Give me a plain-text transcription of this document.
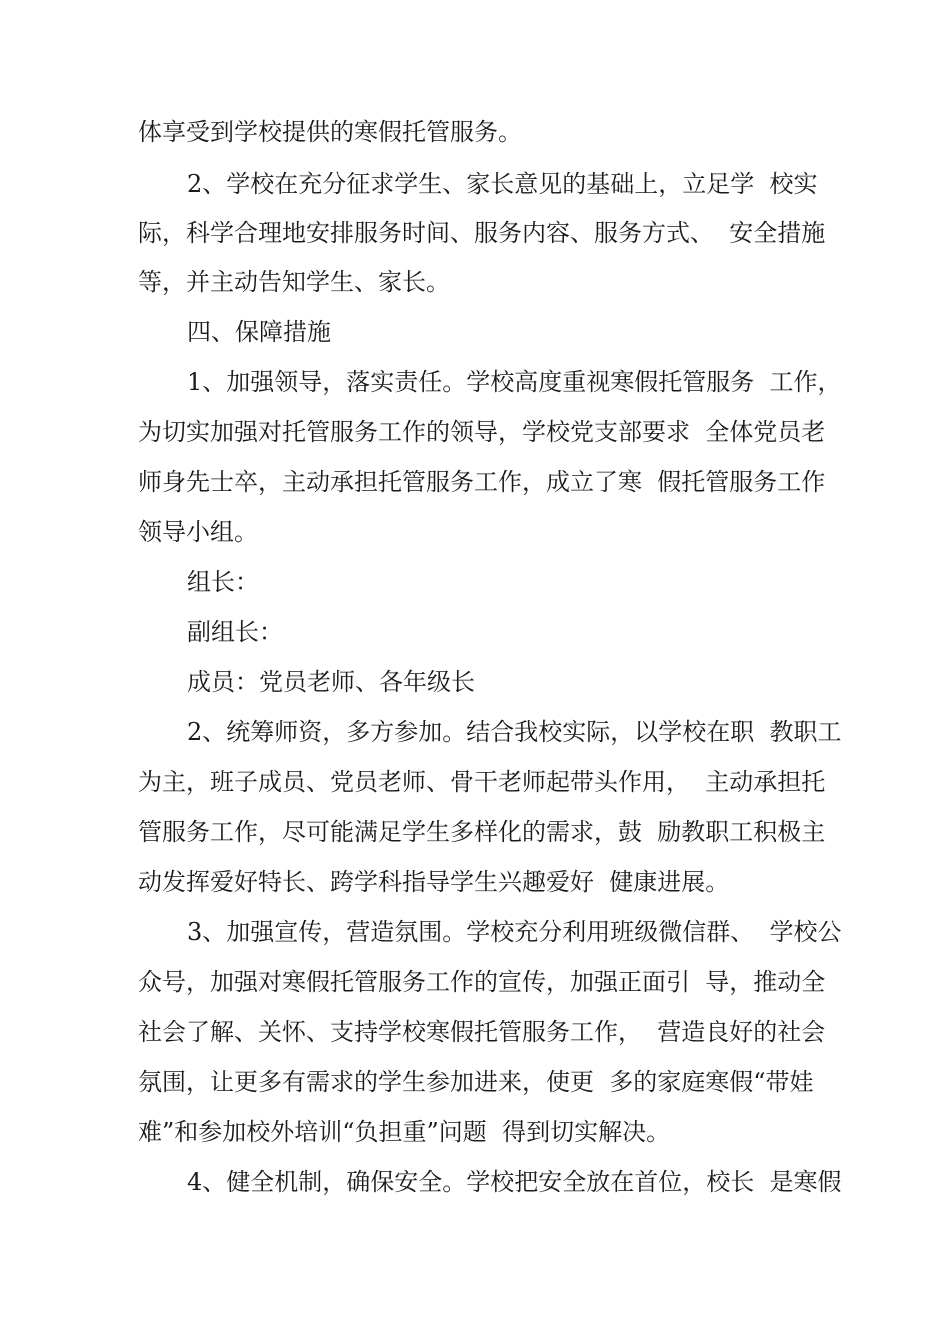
体享受到学校提供的寒假托管服务。

2、学校在充分征求学生、家长意见的基础上，立足学  校实

际，科学合理地安排服务时间、服务内容、服务方式、  安全措施

等，并主动告知学生、家长。

四、保障措施

1、加强领导，落实责任。学校高度重视寒假托管服务  工作，

为切实加强对托管服务工作的领导，学校党支部要求  全体党员老

师身先士卒，主动承担托管服务工作，成立了寒  假托管服务工作

领导小组。

组长：

副组长：

成员：党员老师、各年级长

2、统筹师资，多方参加。结合我校实际，以学校在职  教职工

为主，班子成员、党员老师、骨干老师起带头作用，  主动承担托

管服务工作，尽可能满足学生多样化的需求，鼓  励教职工积极主

动发挥爱好特长、跨学科指导学生兴趣爱好  健康进展。

3、加强宣传，营造氛围。学校充分利用班级微信群、  学校公

众号，加强对寒假托管服务工作的宣传，加强正面引  导，推动全

社会了解、关怀、支持学校寒假托管服务工作，  营造良好的社会

氛围，让更多有需求的学生参加进来，使更  多的家庭寒假“带娃

难”和参加校外培训“负担重”问题  得到切实解决。

4、健全机制，确保安全。学校把安全放在首位，校长  是寒假
